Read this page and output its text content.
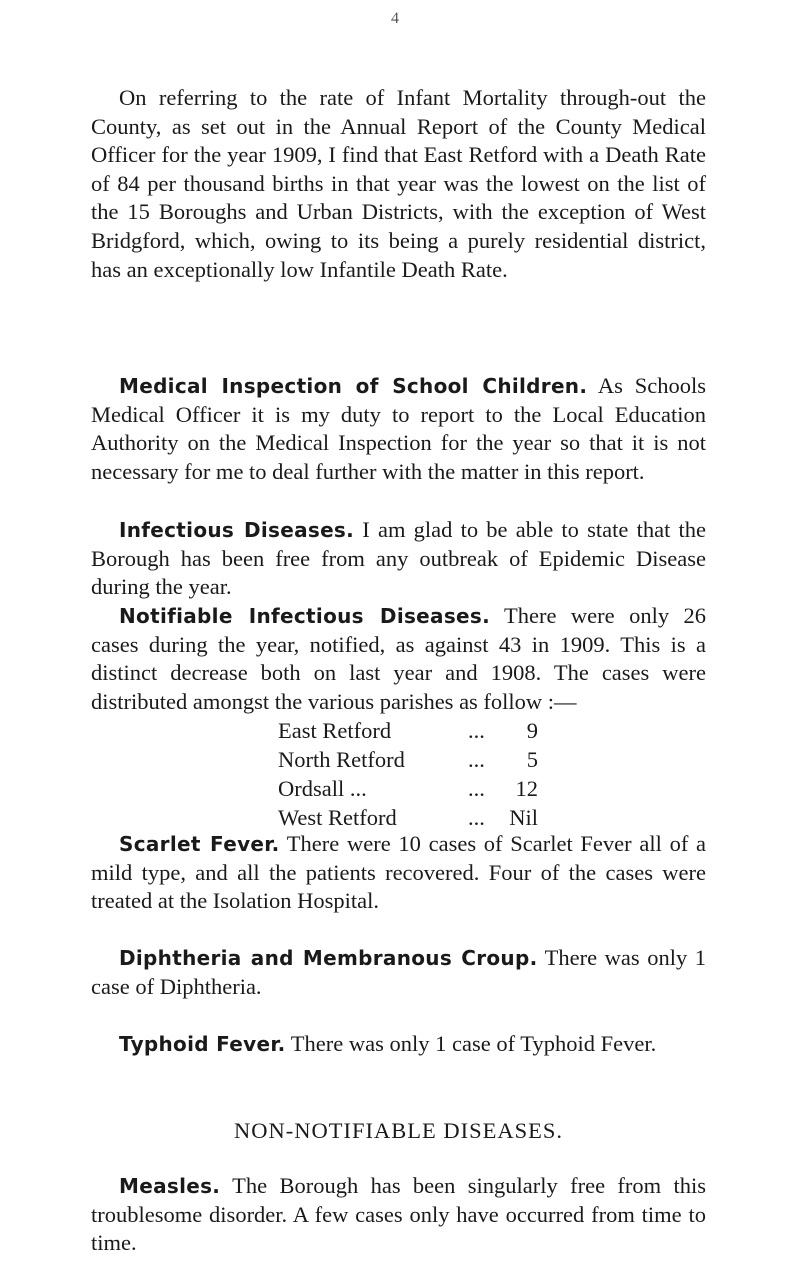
4

On referring to the rate of Infant Mortality through-out the County, as set out in the Annual Report of the County Medical Officer for the year 1909, I find that East Retford with a Death Rate of 84 per thousand births in that year was the lowest on the list of the 15 Boroughs and Urban Districts, with the exception of West Bridgford, which, owing to its being a purely residential district, has an exceptionally low Infantile Death Rate.

Medical Inspection of School Children. As Schools Medical Officer it is my duty to report to the Local Education Authority on the Medical Inspection for the year so that it is not necessary for me to deal further with the matter in this report.

Infectious Diseases. I am glad to be able to state that the Borough has been free from any outbreak of Epidemic Disease during the year.

Notifiable Infectious Diseases. There were only 26 cases during the year, notified, as against 43 in 1909. This is a distinct decrease both on last year and 1908. The cases were distributed amongst the various parishes as follow :—

East Retford	...	9
North Retford	...	5
Ordsall ...	...	12
West Retford	...	Nil

Scarlet Fever. There were 10 cases of Scarlet Fever all of a mild type, and all the patients recovered. Four of the cases were treated at the Isolation Hospital.

Diphtheria and Membranous Croup. There was only 1 case of Diphtheria.

Typhoid Fever. There was only 1 case of Typhoid Fever.

NON-NOTIFIABLE DISEASES.

Measles. The Borough has been singularly free from this troublesome disorder. A few cases only have occurred from time to time.
